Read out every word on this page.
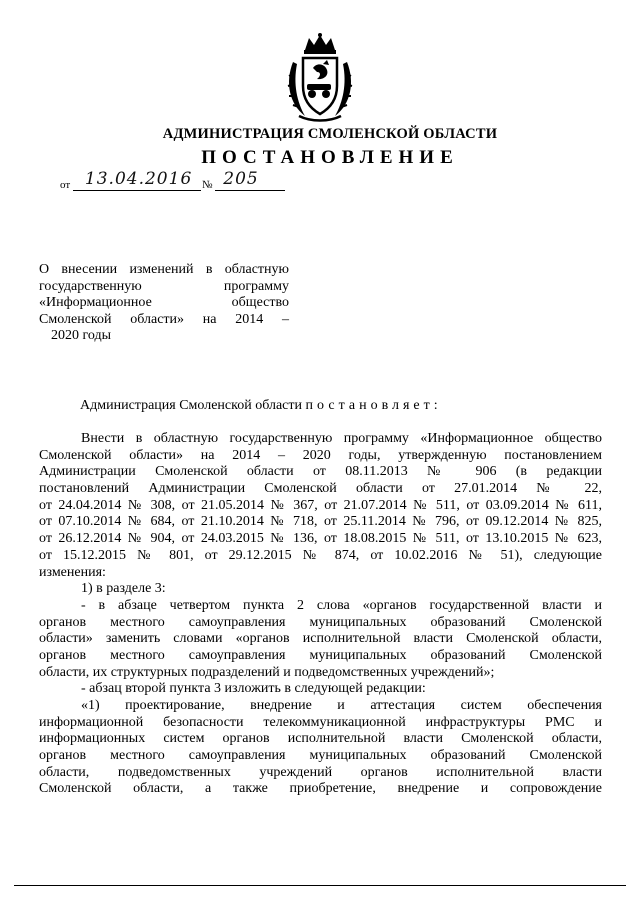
АДМИНИСТРАЦИЯ СМОЛЕНСКОЙ ОБЛАСТИ
ПОСТАНОВЛЕНИЕ
от 13.04.2016 № 205
О внесении изменений в областную
государственную программу
«Информационное общество
Смоленской области» на 2014 –
2020 годы
Администрация Смоленской области постановляет:
Внести в областную государственную программу «Информационное общество
Смоленской области» на 2014 – 2020 годы, утвержденную постановлением
Администрации Смоленской области от 08.11.2013 № 906 (в редакции
постановлений Администрации Смоленской области от 27.01.2014 № 22,
от 24.04.2014 № 308, от 21.05.2014 № 367, от 21.07.2014 № 511, от 03.09.2014 № 611,
от 07.10.2014 № 684, от 21.10.2014 № 718, от 25.11.2014 № 796, от 09.12.2014 № 825,
от 26.12.2014 № 904, от 24.03.2015 № 136, от 18.08.2015 № 511, от 13.10.2015 № 623,
от 15.12.2015 № 801, от 29.12.2015 № 874, от 10.02.2016 № 51), следующие
изменения:
1) в разделе 3:
- в абзаце четвертом пункта 2 слова «органов государственной власти и
органов местного самоуправления муниципальных образований Смоленской
области» заменить словами «органов исполнительной власти Смоленской области,
органов местного самоуправления муниципальных образований Смоленской
области, их структурных подразделений и подведомственных учреждений»;
- абзац второй пункта 3 изложить в следующей редакции:
«1) проектирование, внедрение и аттестация систем обеспечения
информационной безопасности телекоммуникационной инфраструктуры РМС и
информационных систем органов исполнительной власти Смоленской области,
органов местного самоуправления муниципальных образований Смоленской
области, подведомственных учреждений органов исполнительной власти
Смоленской области, а также приобретение, внедрение и сопровождение
